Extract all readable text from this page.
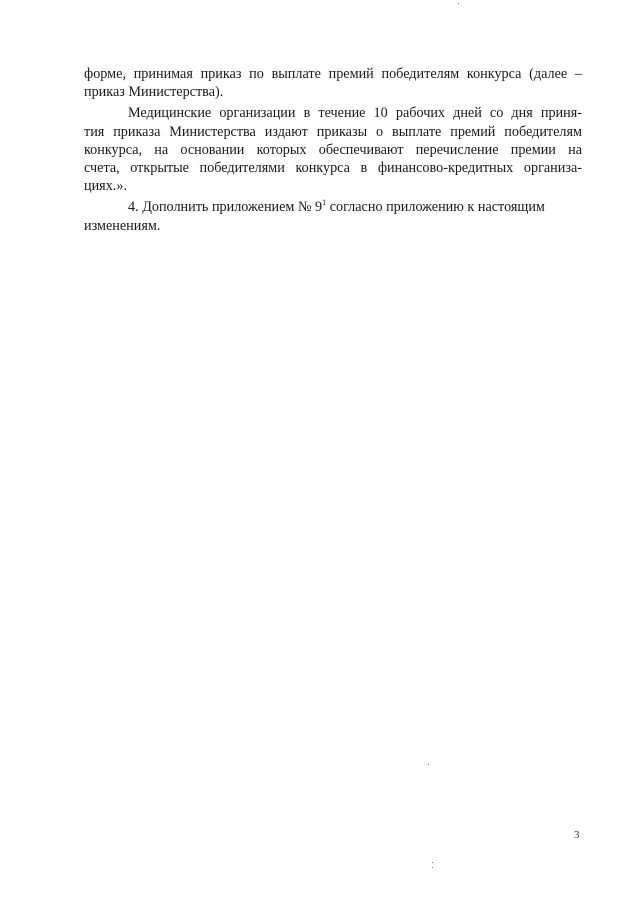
форме, принимая приказ по выплате премий победителям конкурса (далее –
приказ Министерства).
Медицинские организации в течение 10 рабочих дней со дня приня-
тия приказа Министерства издают приказы о выплате премий победителям
конкурса, на основании которых обеспечивают перечисление премии на
счета, открытые победителями конкурса в финансово-кредитных организа-
циях.».
4. Дополнить приложением № $9^1$ согласно приложению к настоящим
изменениям.
3
